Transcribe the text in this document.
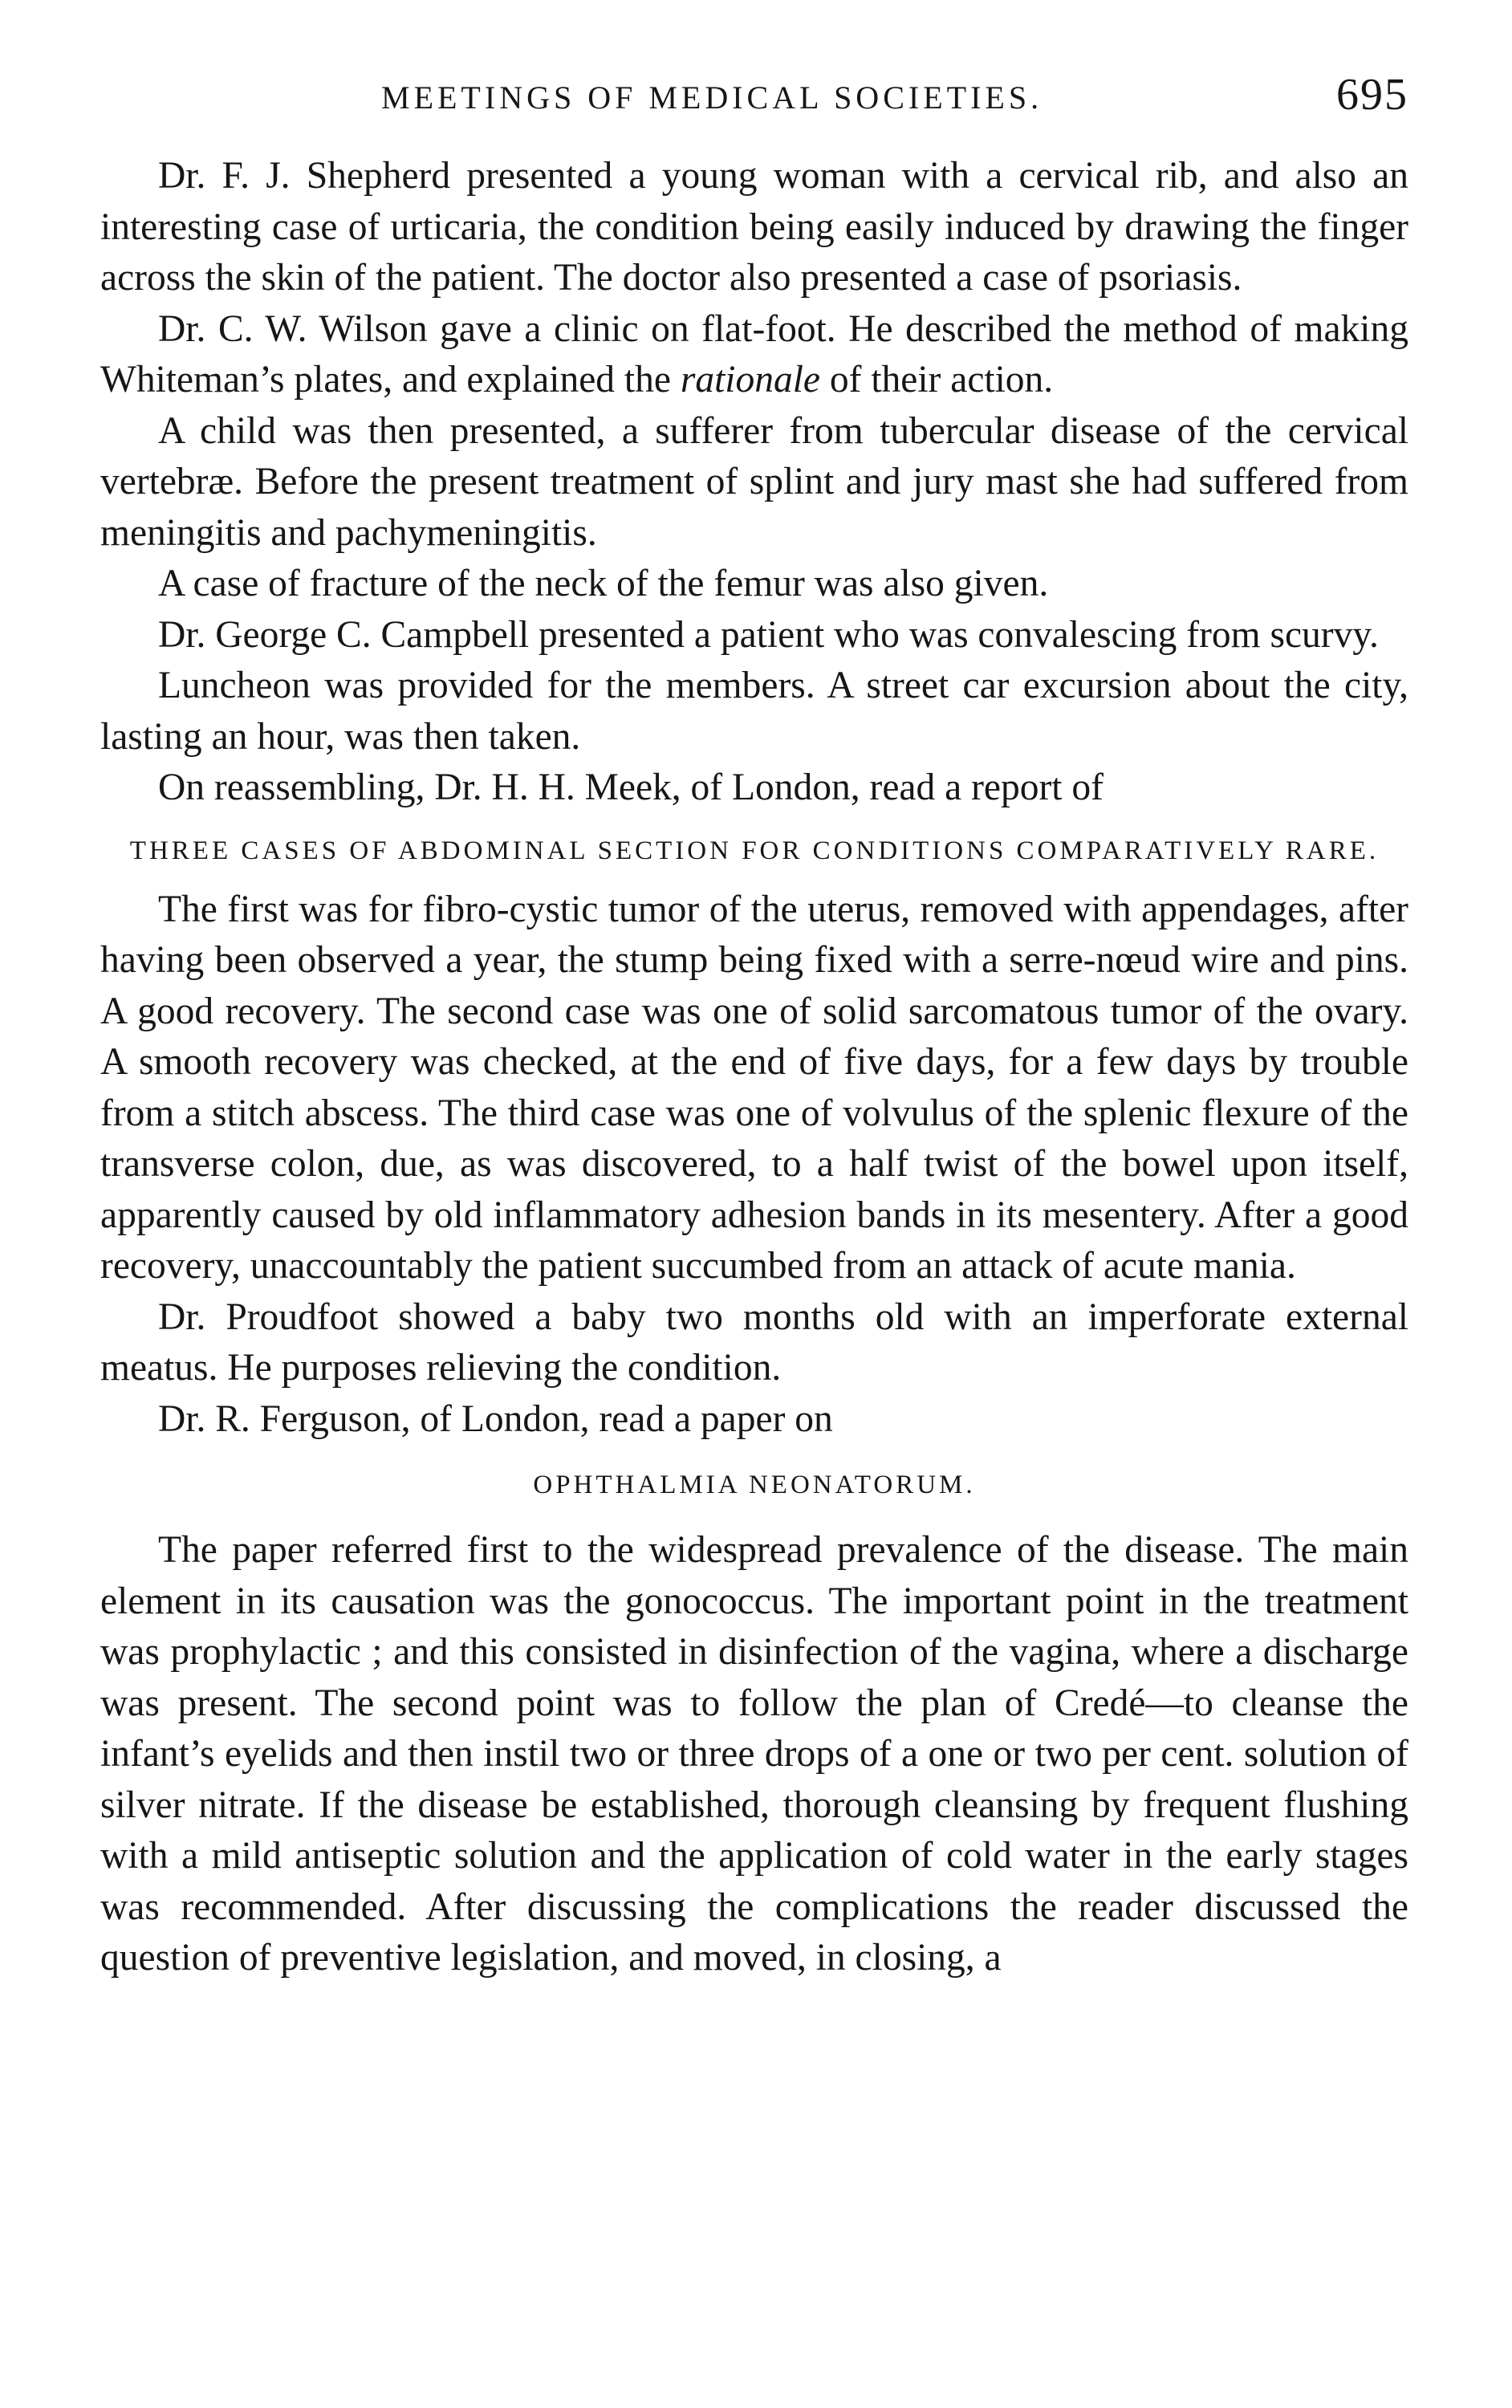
MEETINGS OF MEDICAL SOCIETIES.	695

Dr. F. J. Shepherd presented a young woman with a cervical rib, and also an interesting case of urticaria, the condition being easily induced by drawing the finger across the skin of the patient. The doctor also presented a case of psoriasis.

Dr. C. W. Wilson gave a clinic on flat-foot. He described the method of making Whiteman’s plates, and explained the rationale of their action.

A child was then presented, a sufferer from tubercular disease of the cervical vertebræ. Before the present treatment of splint and jury mast she had suffered from meningitis and pachymeningitis.

A case of fracture of the neck of the femur was also given.

Dr. George C. Campbell presented a patient who was convalescing from scurvy.

Luncheon was provided for the members. A street car excursion about the city, lasting an hour, was then taken.

On reassembling, Dr. H. H. Meek, of London, read a report of

THREE CASES OF ABDOMINAL SECTION FOR CONDITIONS COMPARATIVELY RARE.

The first was for fibro-cystic tumor of the uterus, removed with appendages, after having been observed a year, the stump being fixed with a serre-nœud wire and pins. A good recovery. The second case was one of solid sarcomatous tumor of the ovary. A smooth recovery was checked, at the end of five days, for a few days by trouble from a stitch abscess. The third case was one of volvulus of the splenic flexure of the transverse colon, due, as was discovered, to a half twist of the bowel upon itself, apparently caused by old inflammatory adhesion bands in its mesentery. After a good recovery, unaccountably the patient succumbed from an attack of acute mania.

Dr. Proudfoot showed a baby two months old with an imperforate external meatus. He purposes relieving the condition.

Dr. R. Ferguson, of London, read a paper on

OPHTHALMIA NEONATORUM.

The paper referred first to the widespread prevalence of the disease. The main element in its causation was the gonococcus. The important point in the treatment was prophylactic ; and this consisted in disinfection of the vagina, where a discharge was present. The second point was to follow the plan of Credé—to cleanse the infant’s eyelids and then instil two or three drops of a one or two per cent. solution of silver nitrate. If the disease be established, thorough cleansing by frequent flushing with a mild antiseptic solution and the application of cold water in the early stages was recommended. After discussing the complications the reader discussed the question of preventive legislation, and moved, in closing, a
